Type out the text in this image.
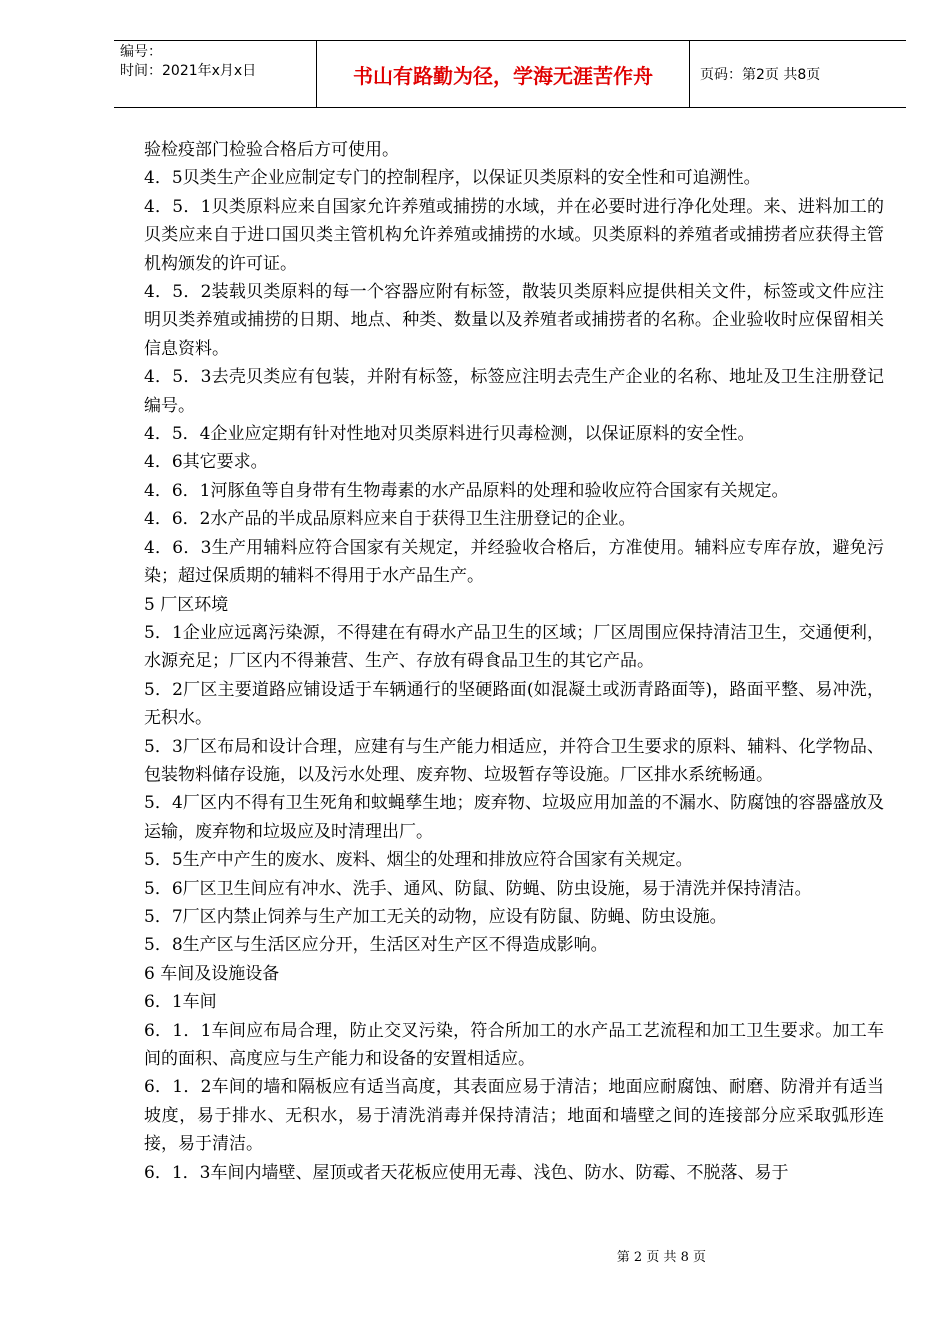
编号：
时间：2021年x月x日	书山有路勤为径，学海无涯苦作舟	页码：第2页 共8页

验检疫部门检验合格后方可使用。

4．5贝类生产企业应制定专门的控制程序，以保证贝类原料的安全性和可追溯性。

4．5．1贝类原料应来自国家允许养殖或捕捞的水域，并在必要时进行净化处理。来、进料加工的贝类应来自于进口国贝类主管机构允许养殖或捕捞的水域。贝类原料的养殖者或捕捞者应获得主管机构颁发的许可证。

4．5．2装载贝类原料的每一个容器应附有标签，散装贝类原料应提供相关文件，标签或文件应注明贝类养殖或捕捞的日期、地点、种类、数量以及养殖者或捕捞者的名称。企业验收时应保留相关信息资料。

4．5．3去壳贝类应有包装，并附有标签，标签应注明去壳生产企业的名称、地址及卫生注册登记编号。

4．5．4企业应定期有针对性地对贝类原料进行贝毒检测，以保证原料的安全性。

4．6其它要求。

4．6．1河豚鱼等自身带有生物毒素的水产品原料的处理和验收应符合国家有关规定。

4．6．2水产品的半成品原料应来自于获得卫生注册登记的企业。

4．6．3生产用辅料应符合国家有关规定，并经验收合格后，方准使用。辅料应专库存放，避免污染；超过保质期的辅料不得用于水产品生产。

5 厂区环境

5．1企业应远离污染源，不得建在有碍水产品卫生的区域；厂区周围应保持清洁卫生，交通便利，水源充足；厂区内不得兼营、生产、存放有碍食品卫生的其它产品。

5．2厂区主要道路应铺设适于车辆通行的坚硬路面(如混凝土或沥青路面等)，路面平整、易冲洗，无积水。

5．3厂区布局和设计合理，应建有与生产能力相适应，并符合卫生要求的原料、辅料、化学物品、包装物料储存设施，以及污水处理、废弃物、垃圾暂存等设施。厂区排水系统畅通。

5．4厂区内不得有卫生死角和蚊蝇孳生地；废弃物、垃圾应用加盖的不漏水、防腐蚀的容器盛放及运输，废弃物和垃圾应及时清理出厂。

5．5生产中产生的废水、废料、烟尘的处理和排放应符合国家有关规定。

5．6厂区卫生间应有冲水、洗手、通风、防鼠、防蝇、防虫设施，易于清洗并保持清洁。

5．7厂区内禁止饲养与生产加工无关的动物，应设有防鼠、防蝇、防虫设施。

5．8生产区与生活区应分开，生活区对生产区不得造成影响。

6 车间及设施设备

6．1车间

6．1．1车间应布局合理，防止交叉污染，符合所加工的水产品工艺流程和加工卫生要求。加工车间的面积、高度应与生产能力和设备的安置相适应。

6．1．2车间的墙和隔板应有适当高度，其表面应易于清洁；地面应耐腐蚀、耐磨、防滑并有适当坡度，易于排水、无积水，易于清洗消毒并保持清洁；地面和墙壁之间的连接部分应采取弧形连接，易于清洁。

6．1．3车间内墙壁、屋顶或者天花板应使用无毒、浅色、防水、防霉、不脱落、易于

第 2 页 共 8 页
